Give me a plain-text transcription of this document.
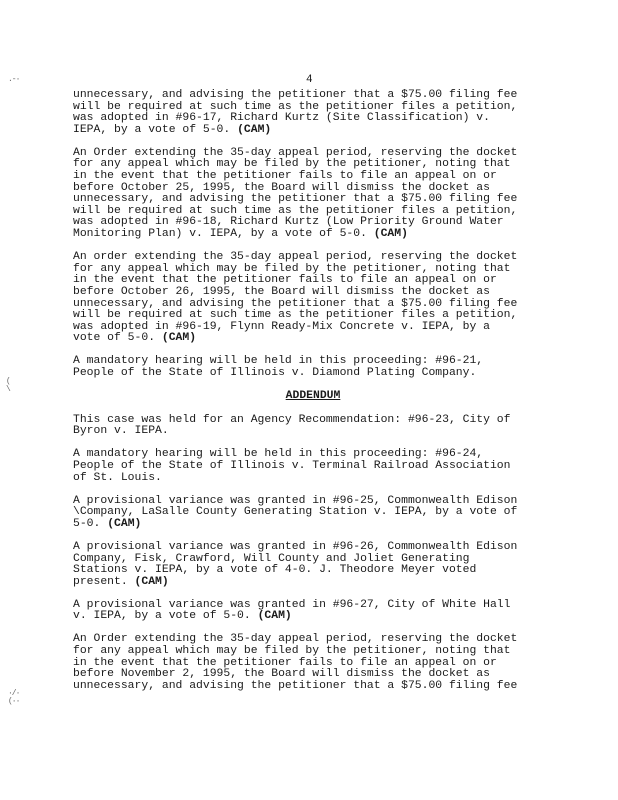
.-·
(
\
·/·
(··
4

unnecessary, and advising the petitioner that a $75.00 filing fee
will be required at such time as the petitioner files a petition,
was adopted in #96-17, Richard Kurtz (Site Classification) v.
IEPA, by a vote of 5-0. (CAM)

An Order extending the 35-day appeal period, reserving the docket
for any appeal which may be filed by the petitioner, noting that
in the event that the petitioner fails to file an appeal on or
before October 25, 1995, the Board will dismiss the docket as
unnecessary, and advising the petitioner that a $75.00 filing fee
will be required at such time as the petitioner files a petition,
was adopted in #96-18, Richard Kurtz (Low Priority Ground Water
Monitoring Plan) v. IEPA, by a vote of 5-0. (CAM)

An order extending the 35-day appeal period, reserving the docket
for any appeal which may be filed by the petitioner, noting that
in the event that the petitioner fails to file an appeal on or
before October 26, 1995, the Board will dismiss the docket as
unnecessary, and advising the petitioner that a $75.00 filing fee
will be required at such time as the petitioner files a petition,
was adopted in #96-19, Flynn Ready-Mix Concrete v. IEPA, by a
vote of 5-0. (CAM)

A mandatory hearing will be held in this proceeding: #96-21,
People of the State of Illinois v. Diamond Plating Company.

ADDENDUM

This case was held for an Agency Recommendation: #96-23, City of
Byron v. IEPA.

A mandatory hearing will be held in this proceeding: #96-24,
People of the State of Illinois v. Terminal Railroad Association
of St. Louis.

A provisional variance was granted in #96-25, Commonwealth Edison
\Company, LaSalle County Generating Station v. IEPA, by a vote of
5-0. (CAM)

A provisional variance was granted in #96-26, Commonwealth Edison
Company, Fisk, Crawford, Will County and Joliet Generating
Stations v. IEPA, by a vote of 4-0. J. Theodore Meyer voted
present. (CAM)

A provisional variance was granted in #96-27, City of White Hall
v. IEPA, by a vote of 5-0. (CAM)

An Order extending the 35-day appeal period, reserving the docket
for any appeal which may be filed by the petitioner, noting that
in the event that the petitioner fails to file an appeal on or
before November 2, 1995, the Board will dismiss the docket as
unnecessary, and advising the petitioner that a $75.00 filing fee
